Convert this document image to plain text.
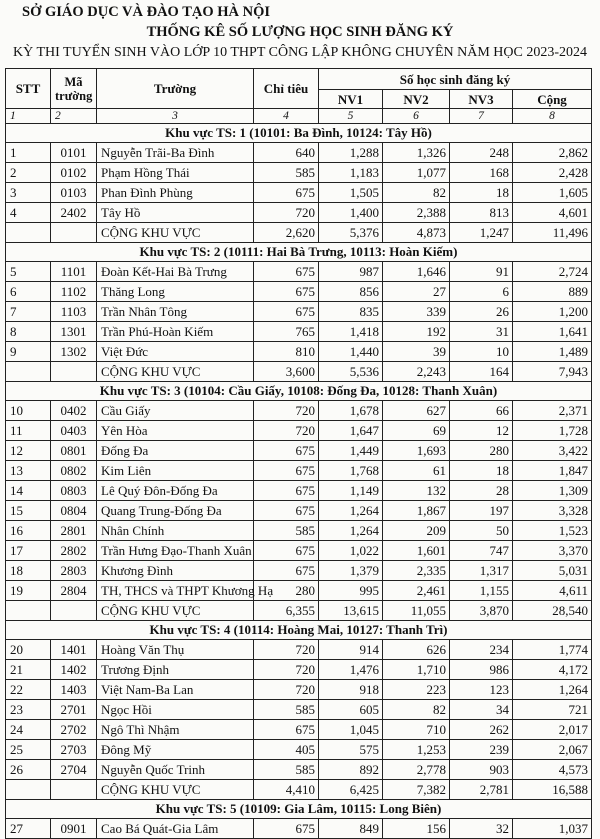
SỞ GIÁO DỤC VÀ ĐÀO TẠO HÀ NỘI
THỐNG KÊ SỐ LƯỢNG HỌC SINH ĐĂNG KÝ
KỲ THI TUYỂN SINH VÀO LỚP 10 THPT CÔNG LẬP KHÔNG CHUYÊN NĂM HỌC 2023-2024
STT	Mã trường	Trường	Chỉ tiêu	Số học sinh đăng ký			
				NV1	NV2	NV3	Cộng
1	2	3	4	5	6	7	8
Khu vực TS: 1 (10101: Ba Đình, 10124: Tây Hồ)							
1	0101	Nguyễn Trãi-Ba Đình	640	1,288	1,326	248	2,862
2	0102	Phạm Hồng Thái	585	1,183	1,077	168	2,428
3	0103	Phan Đình Phùng	675	1,505	82	18	1,605
4	2402	Tây Hồ	720	1,400	2,388	813	4,601
		CỘNG KHU VỰC	2,620	5,376	4,873	1,247	11,496
Khu vực TS: 2 (10111: Hai Bà Trưng, 10113: Hoàn Kiếm)							
5	1101	Đoàn Kết-Hai Bà Trưng	675	987	1,646	91	2,724
6	1102	Thăng Long	675	856	27	6	889
7	1103	Trần Nhân Tông	675	835	339	26	1,200
8	1301	Trần Phú-Hoàn Kiếm	765	1,418	192	31	1,641
9	1302	Việt Đức	810	1,440	39	10	1,489
		CỘNG KHU VỰC	3,600	5,536	2,243	164	7,943
Khu vực TS: 3 (10104: Cầu Giấy, 10108: Đống Đa, 10128: Thanh Xuân)							
10	0402	Cầu Giấy	720	1,678	627	66	2,371
11	0403	Yên Hòa	720	1,647	69	12	1,728
12	0801	Đống Đa	675	1,449	1,693	280	3,422
13	0802	Kim Liên	675	1,768	61	18	1,847
14	0803	Lê Quý Đôn-Đống Đa	675	1,149	132	28	1,309
15	0804	Quang Trung-Đống Đa	675	1,264	1,867	197	3,328
16	2801	Nhân Chính	585	1,264	209	50	1,523
17	2802	Trần Hưng Đạo-Thanh Xuân	675	1,022	1,601	747	3,370
18	2803	Khương Đình	675	1,379	2,335	1,317	5,031
19	2804	TH, THCS và THPT Khương Hạ	280	995	2,461	1,155	4,611
		CỘNG KHU VỰC	6,355	13,615	11,055	3,870	28,540
Khu vực TS: 4 (10114: Hoàng Mai, 10127: Thanh Trì)							
20	1401	Hoàng Văn Thụ	720	914	626	234	1,774
21	1402	Trương Định	720	1,476	1,710	986	4,172
22	1403	Việt Nam-Ba Lan	720	918	223	123	1,264
23	2701	Ngọc Hồi	585	605	82	34	721
24	2702	Ngô Thì Nhậm	675	1,045	710	262	2,017
25	2703	Đông Mỹ	405	575	1,253	239	2,067
26	2704	Nguyễn Quốc Trinh	585	892	2,778	903	4,573
		CỘNG KHU VỰC	4,410	6,425	7,382	2,781	16,588
Khu vực TS: 5 (10109: Gia Lâm, 10115: Long Biên)							
27	0901	Cao Bá Quát-Gia Lâm	675	849	156	32	1,037
